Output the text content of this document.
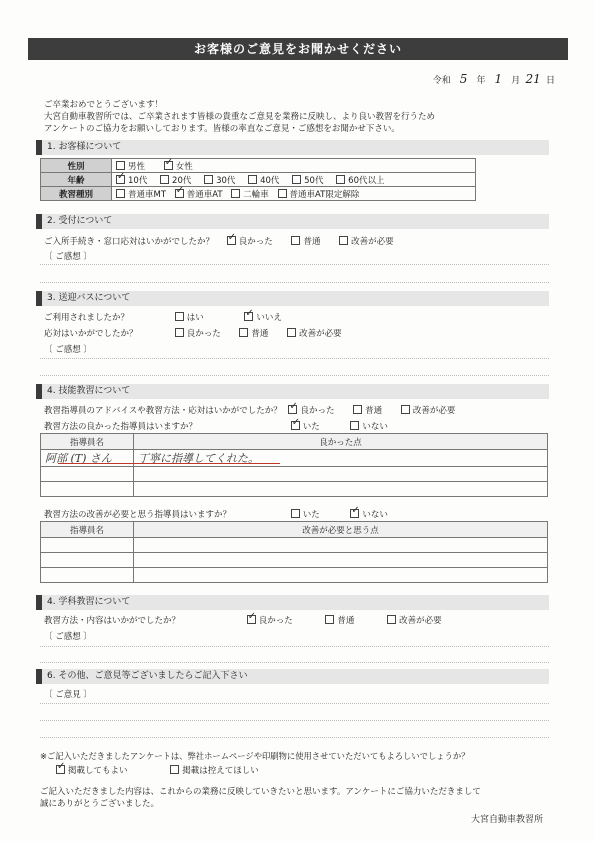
お客様のご意見をお聞かせください
令和 5 年 1 月 21 日
ご卒業おめでとうございます！
大宮自動車教習所では、ご卒業されます皆様の貴重なご意見を業務に反映し、より良い教習を行うため
アンケートのご協力をお願いしております。皆様の率直なご意見・ご感想をお聞かせ下さい。
1. お客様について
性別	男性 ✓ 女性
年齢	✓10代 20代 30代 40代 50代 60代以上
教習種別	普通車MT ✓ 普通車AT 二輪車 普通車AT限定解除
2. 受付について
ご入所手続き・窓口応対はいかがでしたか？ ✓	良かった	普通	改善が必要
〔 ご感想 〕
3. 送迎バスについて
ご利用されましたか？	はい ✓	いいえ
応対はいかがでしたか？	良かった	普通	改善が必要
〔 ご感想 〕
4. 技能教習について
教習指導員のアドバイスや教習方法・応対はいかがでしたか？ ✓ 良かった	普通	改善が必要
教習方法の良かった指導員はいますか？ ✓	いた	いない
指導員名	良かった点
阿部 (T) さん	丁寧に指導してくれた。

教習方法の改善が必要と思う指導員はいますか？	いた ✓	いない
指導員名	改善が必要と思う点

4. 学科教習について
教習方法・内容はいかがでしたか？ ✓	良かった	普通	改善が必要
〔 ご感想 〕
6. その他、ご意見等ございましたらご記入下さい
〔 ご意見 〕
※ご記入いただきましたアンケートは、弊社ホームページや印刷物に使用させていただいてもよろしいでしょうか？
✓掲載してもよい	掲載は控えてほしい
ご記入いただきました内容は、これからの業務に反映していきたいと思います。アンケートにご協力いただきまして
誠にありがとうございました。
大宮自動車教習所
